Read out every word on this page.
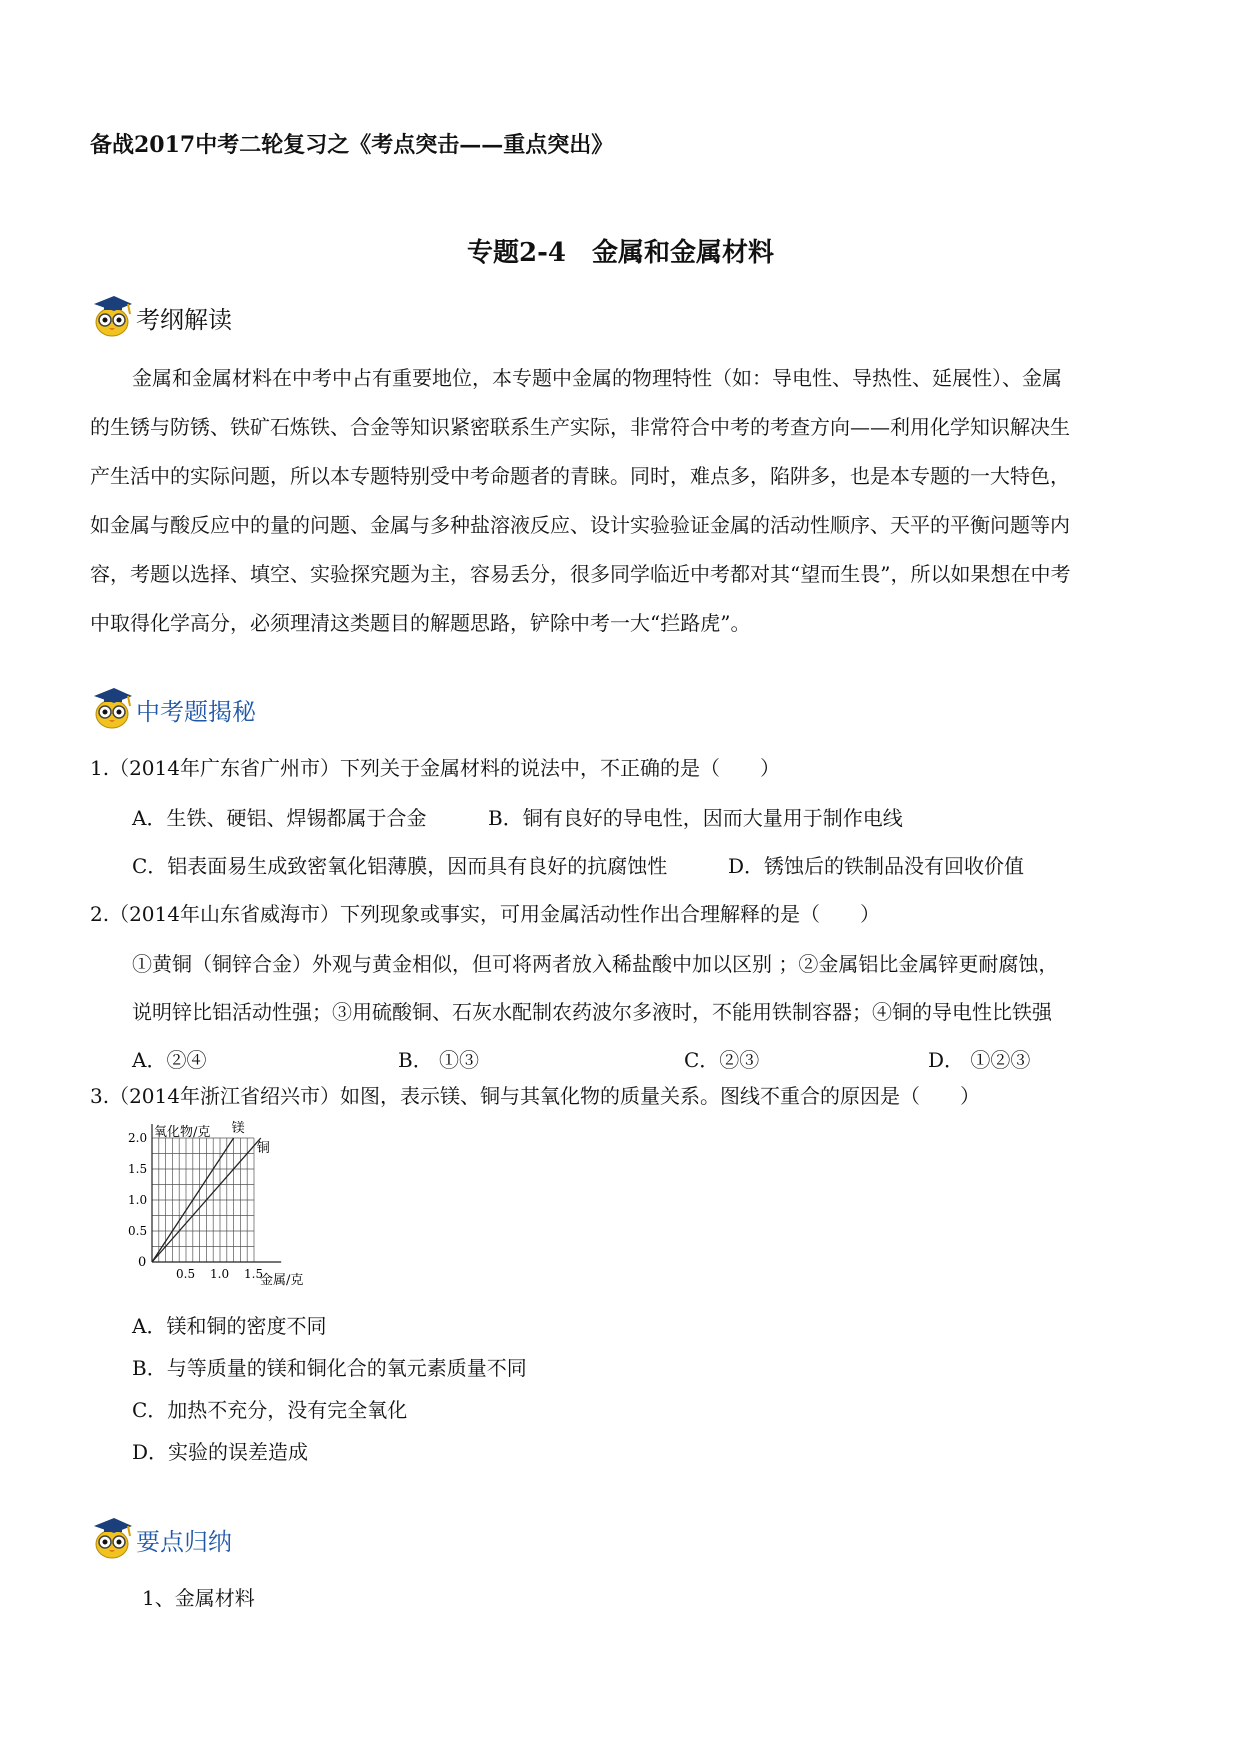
备战2017中考二轮复习之《考点突击——重点突出》
专题2-4　金属和金属材料
考纲解读

金属和金属材料在中考中占有重要地位，本专题中金属的物理特性（如：导电性、导热性、延展性）、金属

的生锈与防锈、铁矿石炼铁、合金等知识紧密联系生产实际，非常符合中考的考查方向——利用化学知识解决生

产生活中的实际问题，所以本专题特别受中考命题者的青睐。同时，难点多，陷阱多，也是本专题的一大特色，

如金属与酸反应中的量的问题、金属与多种盐溶液反应、设计实验验证金属的活动性顺序、天平的平衡问题等内

容，考题以选择、填空、实验探究题为主，容易丢分，很多同学临近中考都对其“望而生畏”，所以如果想在中考

中取得化学高分，必须理清这类题目的解题思路，铲除中考一大“拦路虎”。

中考题揭秘
1.（2014年广东省广州市）下列关于金属材料的说法中，不正确的是（　　）
A．生铁、硬铝、焊锡都属于合金	B．铜有良好的导电性，因而大量用于制作电线
C．铝表面易生成致密氧化铝薄膜，因而具有良好的抗腐蚀性	D．锈蚀后的铁制品没有回收价值
2.（2014年山东省威海市）下列现象或事实，可用金属活动性作出合理解释的是（　　）
①黄铜（铜锌合金）外观与黄金相似，但可将两者放入稀盐酸中加以区别 ；②金属铝比金属锌更耐腐蚀，
说明锌比铝活动性强；③用硫酸铜、石灰水配制农药波尔多液时，不能用铁制容器；④铜的导电性比铁强
A．②④	B． ①③	C．②③	D． ①②③
3.（2014年浙江省绍兴市）如图，表示镁、铜与其氧化物的质量关系。图线不重合的原因是（　　）
氧化物/克
金属/克
0
0.5 1.0 1.5
0.5
1.0
1.5
2.0
镁
铜
A．镁和铜的密度不同
B．与等质量的镁和铜化合的氧元素质量不同
C．加热不充分，没有完全氧化
D．实验的误差造成
要点归纳
1、金属材料
